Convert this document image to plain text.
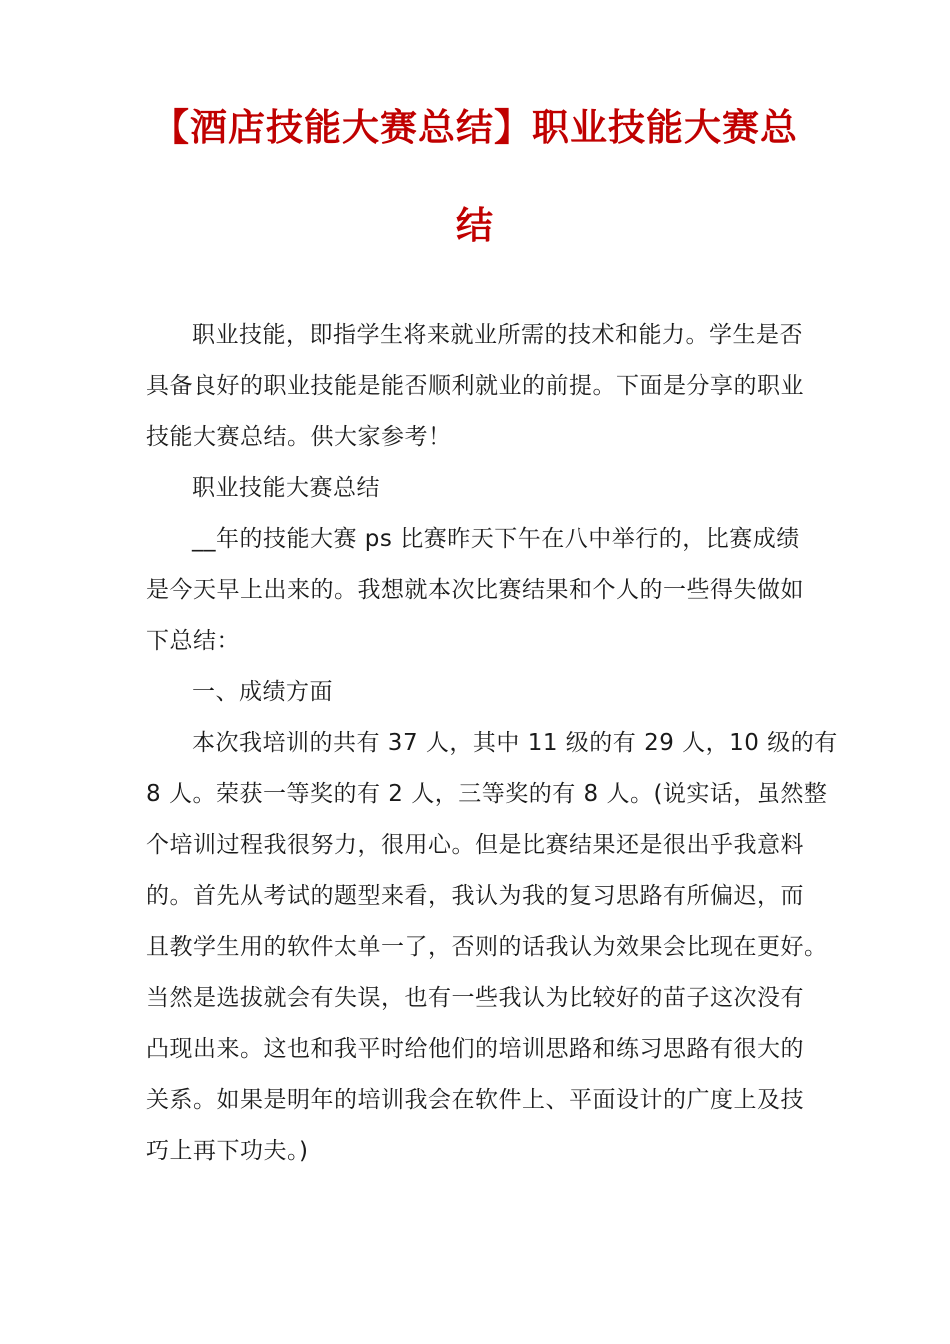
【酒店技能大赛总结】职业技能大赛总
结
职业技能，即指学生将来就业所需的技术和能力。学生是否
具备良好的职业技能是能否顺利就业的前提。下面是分享的职业
技能大赛总结。供大家参考！
职业技能大赛总结
__年的技能大赛 ps 比赛昨天下午在八中举行的，比赛成绩
是今天早上出来的。我想就本次比赛结果和个人的一些得失做如
下总结：
一、成绩方面
本次我培训的共有 37 人，其中 11 级的有 29 人，10 级的有
8 人。荣获一等奖的有 2 人，三等奖的有 8 人。(说实话，虽然整
个培训过程我很努力，很用心。但是比赛结果还是很出乎我意料
的。首先从考试的题型来看，我认为我的复习思路有所偏迟，而
且教学生用的软件太单一了，否则的话我认为效果会比现在更好。
当然是选拔就会有失误，也有一些我认为比较好的苗子这次没有
凸现出来。这也和我平时给他们的培训思路和练习思路有很大的
关系。如果是明年的培训我会在软件上、平面设计的广度上及技
巧上再下功夫。)
